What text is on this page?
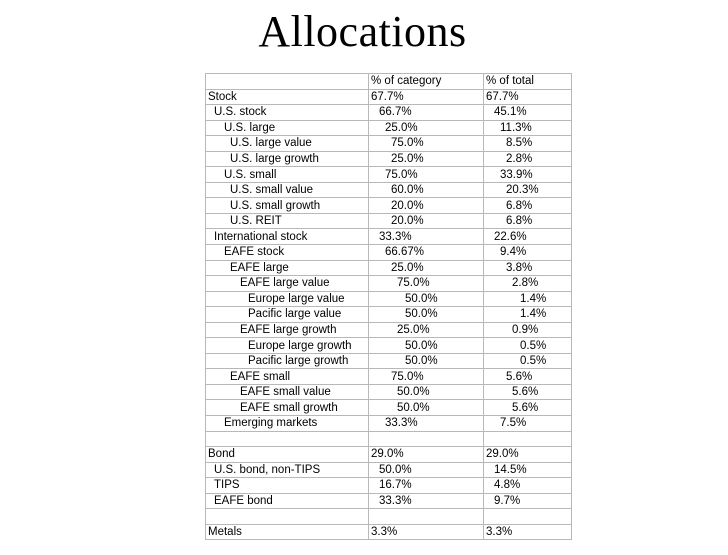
Allocations
	% of category	% of total
Stock	67.7%	67.7%
U.S. stock	66.7%	45.1%
U.S. large	25.0%	11.3%
U.S. large value	75.0%	8.5%
U.S. large growth	25.0%	2.8%
U.S. small	75.0%	33.9%
U.S. small value	60.0%	20.3%
U.S. small growth	20.0%	6.8%
U.S. REIT	20.0%	6.8%
International stock	33.3%	22.6%
EAFE stock	66.67%	9.4%
EAFE large	25.0%	3.8%
EAFE large value	75.0%	2.8%
Europe large value	50.0%	1.4%
Pacific large value	50.0%	1.4%
EAFE large growth	25.0%	0.9%
Europe large growth	50.0%	0.5%
Pacific large growth	50.0%	0.5%
EAFE small	75.0%	5.6%
EAFE small value	50.0%	5.6%
EAFE small growth	50.0%	5.6%
Emerging markets	33.3%	7.5%

Bond	29.0%	29.0%
U.S. bond, non-TIPS	50.0%	14.5%
TIPS	16.7%	4.8%
EAFE bond	33.3%	9.7%

Metals	3.3%	3.3%
